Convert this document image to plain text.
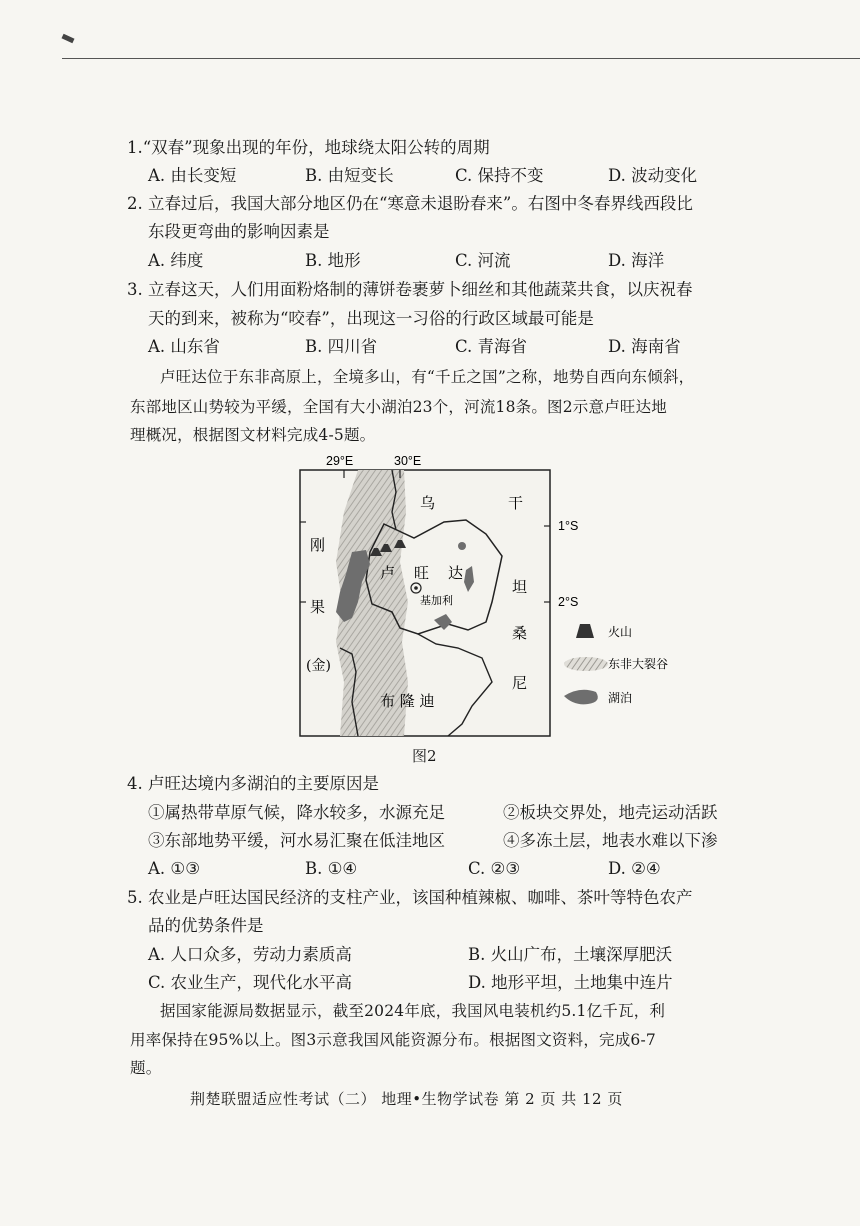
1.“双春”现象出现的年份，地球绕太阳公转的周期
A. 由长变短	B. 由短变长	C. 保持不变	D. 波动变化
2. 立春过后，我国大部分地区仍在“寒意未退盼春来”。右图中冬春界线西段比
东段更弯曲的影响因素是
A. 纬度	B. 地形	C. 河流	D. 海洋
3. 立春这天，人们用面粉烙制的薄饼卷裹萝卜细丝和其他蔬菜共食，以庆祝春
天的到来，被称为“咬春”，出现这一习俗的行政区域最可能是
A. 山东省	B. 四川省	C. 青海省	D. 海南省
卢旺达位于东非高原上，全境多山，有“千丘之国”之称，地势自西向东倾斜，
东部地区山势较为平缓，全国有大小湖泊23个，河流18条。图2示意卢旺达地
理概况，根据图文材料完成4-5题。
29°E	30°E
1°S
2°S
乌	干
刚
果
(金)
卢 旺 达
基加利
坦
桑
尼
布 隆 迪
火山
东非大裂谷
湖泊
图2
4. 卢旺达境内多湖泊的主要原因是
①属热带草原气候，降水较多，水源充足	②板块交界处，地壳运动活跃
③东部地势平缓，河水易汇聚在低洼地区	④多冻土层，地表水难以下渗
A. ①③	B. ①④	C. ②③	D. ②④
5. 农业是卢旺达国民经济的支柱产业，该国种植辣椒、咖啡、茶叶等特色农产
品的优势条件是
A. 人口众多，劳动力素质高	B. 火山广布，土壤深厚肥沃
C. 农业生产，现代化水平高	D. 地形平坦，土地集中连片
据国家能源局数据显示，截至2024年底，我国风电装机约5.1亿千瓦，利
用率保持在95%以上。图3示意我国风能资源分布。根据图文资料，完成6-7
题。
荆楚联盟适应性考试（二） 地理•生物学试卷 第 2 页 共 12 页
